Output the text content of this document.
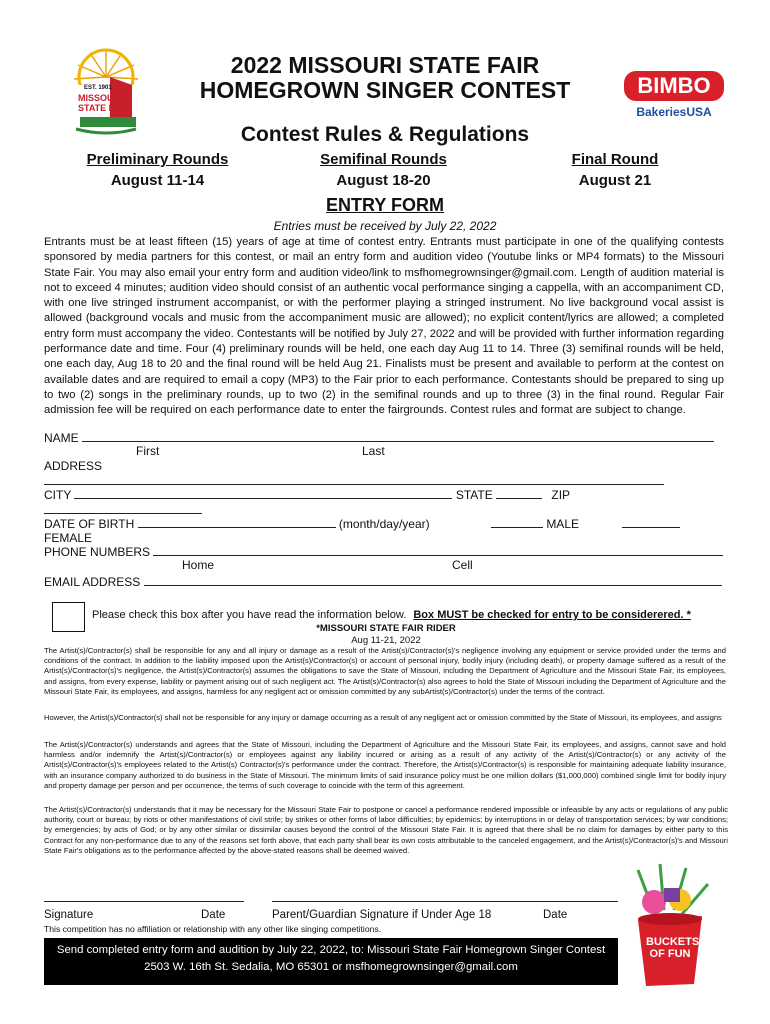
EST. 1901
MISSOURI
STATE FAIR
2022 MISSOURI STATE FAIR
HOMEGROWN SINGER CONTEST	BIMBO
BakeriesUSA
Contest Rules & Regulations
Preliminary Rounds
August 11-14
Semifinal Rounds
August 18-20
Final Round
August 21
ENTRY FORM
Entries must be received by July 22, 2022
Entrants must be at least fifteen (15) years of age at time of contest entry. Entrants must participate in one of the qualifying contests sponsored by media partners for this contest, or mail an entry form and audition video (Youtube links or MP4 formats) to the Missouri State Fair. You may also email your entry form and audition video/link to msfhomegrownsinger@gmail.com. Length of audition material is not to exceed 4 minutes; audition video should consist of an authentic vocal performance singing a cappella, with an accompaniment CD, with one live stringed instrument accompanist, or with the performer playing a stringed instrument. No live background vocal assist is allowed (background vocals and music from the accompaniment music are allowed); no explicit content/lyrics are allowed; a completed entry form must accompany the video. Contestants will be notified by July 27, 2022 and will be provided with further information regarding performance date and time. Four (4) preliminary rounds will be held, one each day Aug 11 to 14. Three (3) semifinal rounds will be held, one each day, Aug 18 to 20 and the final round will be held Aug 21. Finalists must be present and available to perform at the contest on available dates and are required to email a copy (MP3) to the Fair prior to each performance. Contestants should be prepared to sing up to two (2) songs in the preliminary rounds, up to two (2) in the semifinal rounds and up to three (3) in the final round. Regular Fair admission fee will be required on each performance date to enter the fairgrounds. Contest rules and format are subject to change.
NAME
First	Last
ADDRESS
CITY	STATE	ZIP
DATE OF BIRTH	(month/day/year)	MALE  FEMALE
PHONE NUMBERS
Home	Cell
EMAIL ADDRESS
Please check this box after you have read the information below. Box MUST be checked for entry to be considerered. *
*MISSOURI STATE FAIR RIDER
Aug 11-21, 2022
The Artist(s)/Contractor(s) shall be responsible for any and all injury or damage as a result of the Artist(s)/Contractor(s)'s negligence involving any equipment or service provided under the terms and conditions of the contract. In addition to the liability imposed upon the Artist(s)/Contractor(s) or account of personal injury, bodily injury (including death), or property damage suffered as a result of the Artist(s)/Contractor(s)'s negligence, the Artist(s)/Contractor(s) assumes the obligations to save the State of Missouri, including the Department of Agriculture and the Missouri State Fair, its employees, and assigns, from every expense, liability or payment arising out of such negligent act. The Artist(s)/Contractor(s) also agrees to hold the State of Missouri including the Department of Agriculture and the Missouri State Fair, its employees, and assigns, harmless for any negligent act or omission committed by any subArtist(s)/Contractor(s) under the terms of the contract.
However, the Artist(s)/Contractor(s) shall not be responsible for any injury or damage occurring as a result of any negligent act or omission committed by the State of Missouri, its employees, and assigns
The Artist(s)/Contractor(s) understands and agrees that the State of Missouri, including the Department of Agriculture and the Missouri State Fair, its employees, and assigns, cannot save and hold harmless and/or indemnify the Artist(s)/Contractor(s) or employees against any liability incurred or arising as a result of any activity of the Artist(s)/Contractor(s) or any activity of the Artist(s)/Contractor(s)'s employees related to the Artist(s) Contractor(s)'s performance under the contract. Therefore, the Artist(s)/Contractor(s) is responsible for maintaining adequate liability insurance, with an insurance company authorized to do business in the State of Missouri. The minimum limits of said insurance policy must be one million dollars ($1,000,000) combined single limit for bodily injury and property damage per person and per occurrence, the terms of such coverage to coincide with the term of this agreement.
The Artist(s)/Contractor(s) understands that it may be necessary for the Missouri State Fair to postpone or cancel a performance rendered impossible or infeasible by any acts or regulations of any public authority, court or bureau; by riots or other manifestations of civil strife; by strikes or other forms of labor difficulties; by epidemics; by interruptions in or delay of transportation services; by war conditions; by emergencies; by acts of God; or by any other similar or dissimilar causes beyond the control of the Missouri State Fair. It is agreed that there shall be no claim for damages by either party to this Contract for any non-performance due to any of the reasons set forth above, that each party shall bear its own costs attributable to the canceled engagement, and the Artist(s)/Contractor(s)'s and Missouri State Fair's obligations as to the performance affected by the above-stated reasons shall be deemed waived.
Signature	Date	Parent/Guardian Signature if Under Age 18	Date
This competition has no affiliation or relationship with any other like singing competitions.
Send completed entry form and audition by July 22, 2022, to: Missouri State Fair Homegrown Singer Contest
2503 W. 16th St. Sedalia, MO 65301 or msfhomegrownsinger@gmail.com
BUCKETS OF FUN
